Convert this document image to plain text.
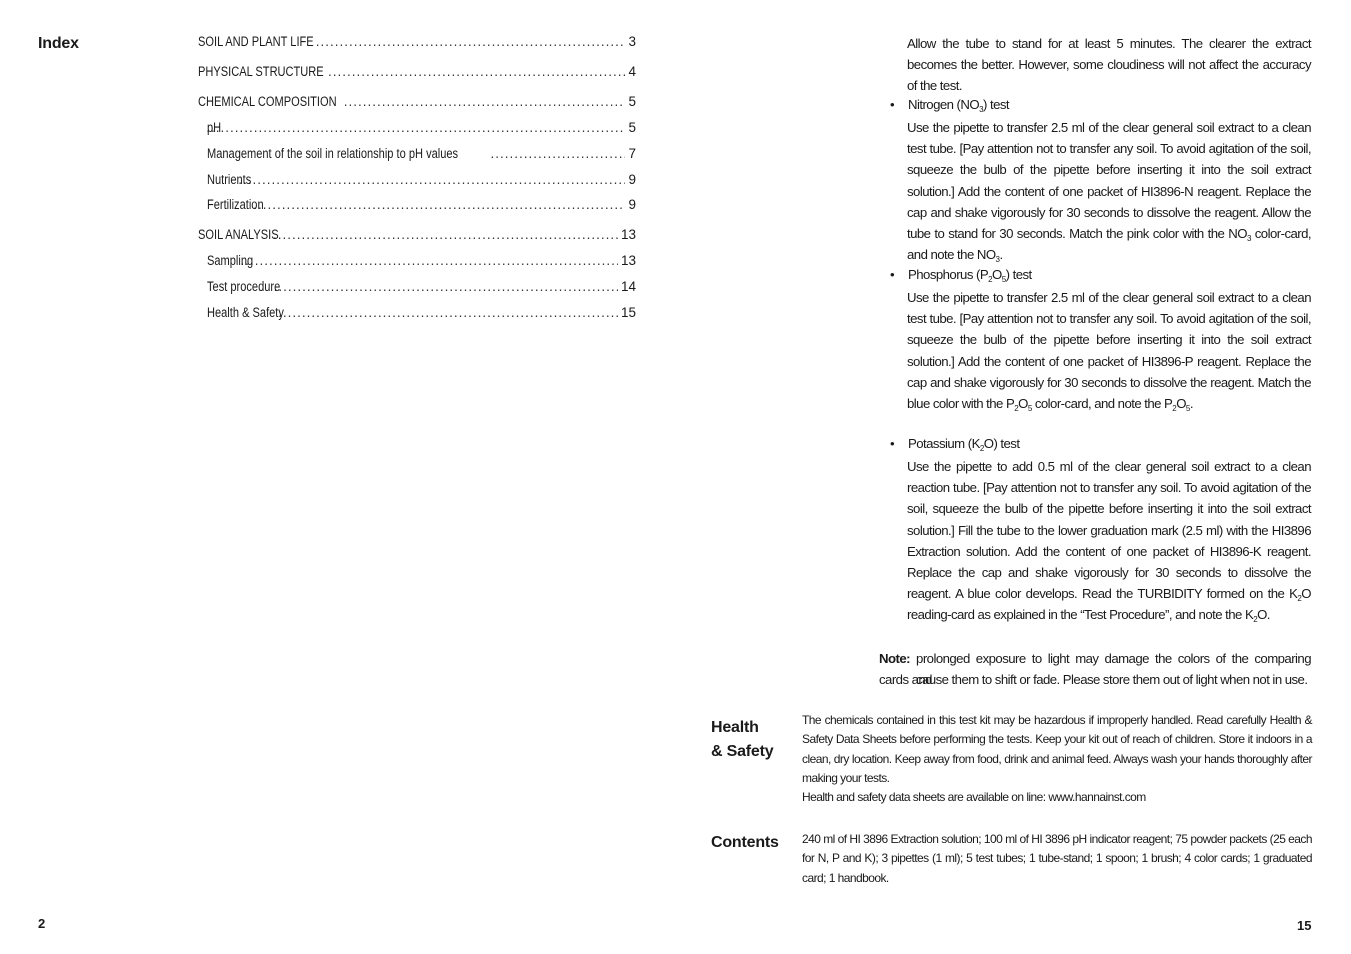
Index	SOIL AND PLANT LIFE .....	3
PHYSICAL STRUCTURE .....	4
CHEMICAL COMPOSITION .....	5
pH .....	5
Management of the soil in relationship to pH values .....	7
Nutrients .....	9
Fertilization .....	9
SOIL ANALYSIS .....	13
Sampling .....	13
Test procedure .....	14
Health & Safety .....	15
2
Allow the tube to stand for at least 5 minutes. The clearer the extract becomes the better. However, some cloudiness will not affect the accuracy of the test.
• Nitrogen $(NO_3)$ test
Use the pipette to transfer 2.5 ml of the clear general soil extract to a clean test tube. [Pay attention not to transfer any soil. To avoid agitation of the soil, squeeze the bulb of the pipette before inserting it into the soil extract solution.] Add the content of one packet of HI3896-N reagent. Replace the cap and shake vigorously for 30 seconds to dissolve the reagent. Allow the tube to stand for 30 seconds. Match the pink color with the $NO_3$ color-card, and note the $NO_3$.
• Phosphorus $(P_2O_5)$ test
Use the pipette to transfer 2.5 ml of the clear general soil extract to a clean test tube. [Pay attention not to transfer any soil. To avoid agitation of the soil, squeeze the bulb of the pipette before inserting it into the soil extract solution.] Add the content of one packet of HI3896-P reagent. Replace the cap and shake vigorously for 30 seconds to dissolve the reagent. Match the blue color with the $P_2O_5$ color-card, and note the $P_2O_5$.
• Potassium $(K_2O)$ test
Use the pipette to add 0.5 ml of the clear general soil extract to a clean reaction tube. [Pay attention not to transfer any soil. To avoid agitation of the soil, squeeze the bulb of the pipette before inserting it into the soil extract solution.] Fill the tube to the lower graduation mark (2.5 ml) with the HI3896 Extraction solution. Add the content of one packet of HI3896-K reagent. Replace the cap and shake vigorously for 30 seconds to dissolve the reagent. A blue color develops. Read the TURBIDITY formed on the $K_2O$ reading-card as explained in the “Test Procedure”, and note the $K_2O$.
Note: prolonged exposure to light may damage the colors of the comparing cards and
cause them to shift or fade. Please store them out of light when not in use.
Health
& Safety
The chemicals contained in this test kit may be hazardous if improperly handled. Read carefully Health & Safety Data Sheets before performing the tests. Keep your kit out of reach of children. Store it indoors in a clean, dry location. Keep away from food, drink and animal feed. Always wash your hands thoroughly after making your tests.
Health and safety data sheets are available on line: www.hannainst.com
Contents 240 ml of HI 3896 Extraction solution; 100 ml of HI 3896 pH indicator reagent; 75 powder packets (25 each for N, P and K); 3 pipettes (1 ml); 5 test tubes; 1 tube-stand; 1 spoon; 1 brush; 4 color cards; 1 graduated card; 1 handbook.
15
